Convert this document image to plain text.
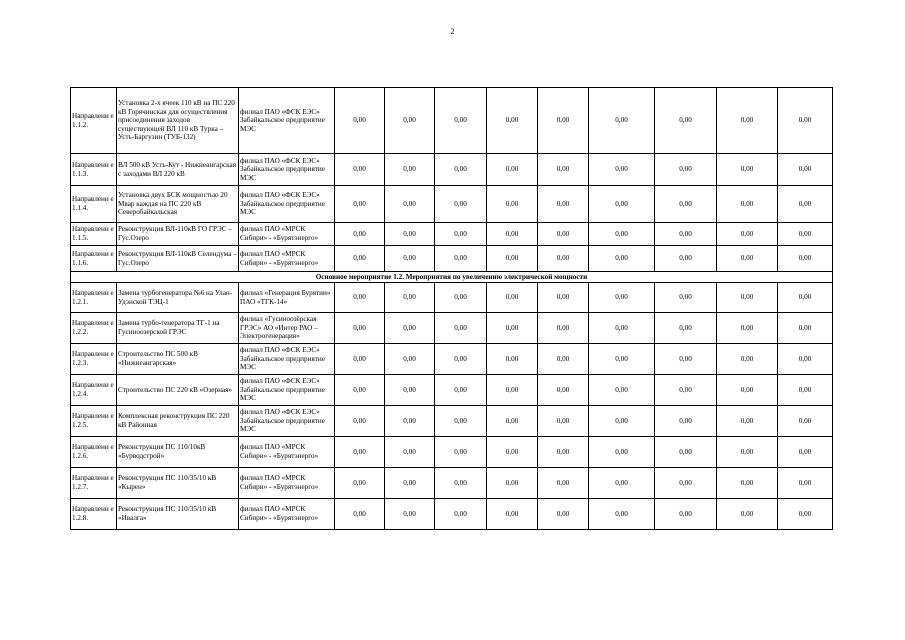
2
Направлени е 1.1.2.	Установка 2-х ячеек 110 кВ на ПС 220 кВ Горячинская для осуществления присоединения заходов существующей ВЛ 110 кВ Турка – Усть-Баргузин (ТУБ-132)	филиал ПАО «ФСК ЕЭС» Забайкальское предприятие МЭС	0,00	0,00	0,00	0,00	0,00	0,00	0,00	0,00	0,00
Направлени е 1.1.3.	ВЛ 500 кВ Усть-Кут - Нижнеангарская с заходами ВЛ 220 кВ	филиал ПАО «ФСК ЕЭС» Забайкальское предприятие МЭС	0,00	0,00	0,00	0,00	0,00	0,00	0,00	0,00	0,00
Направлени е 1.1.4.	Установка двух БСК мощностью 20 Мвар каждая на ПС 220 кВ Северобайкальская	филиал ПАО «ФСК ЕЭС» Забайкальское предприятие МЭС	0,00	0,00	0,00	0,00	0,00	0,00	0,00	0,00	0,00
Направлени е 1.1.5.	Реконструкция ВЛ-110кВ ГО ГРЭС – Гус.Озеро	филиал ПАО «МРСК Сибири» - «Бурятэнерго»	0,00	0,00	0,00	0,00	0,00	0,00	0,00	0,00	0,00
Направлени е 1.1.6.	Реконструкция ВЛ-110кВ Селендума – Гус.Озеро	филиал ПАО «МРСК Сибири» - «Бурятэнерго»	0,00	0,00	0,00	0,00	0,00	0,00	0,00	0,00	0,00
Основное мероприятие 1.2. Мероприятия по увеличению электрической мощности											
Направлени е 1.2.1.	Замена турбогенератора №6 на Улан-Удэнской ТЭЦ-1	филиал «Генерация Бурятии» ПАО «ТГК-14»	0,00	0,00	0,00	0,00	0,00	0,00	0,00	0,00	0,00
Направлени е 1.2.2.	Замена турбо-генератора ТГ-1 на Гусиноозерской ГРЭС	филиал «Гусиноозёрская ГРЭС» АО «Интер РАО – Электрогенерация»	0,00	0,00	0,00	0,00	0,00	0,00	0,00	0,00	0,00
Направлени е 1.2.3.	Строительство ПС 500 кВ «Нижнеангарская»	филиал ПАО «ФСК ЕЭС» Забайкальское предприятие МЭС	0,00	0,00	0,00	0,00	0,00	0,00	0,00	0,00	0,00
Направлени е 1.2.4.	Строительство ПС 220 кВ «Озерная»	филиал ПАО «ФСК ЕЭС» Забайкальское предприятие МЭС	0,00	0,00	0,00	0,00	0,00	0,00	0,00	0,00	0,00
Направлени е 1.2.5.	Комплексная реконструкция ПС 220 кВ Районная	филиал ПАО «ФСК ЕЭС» Забайкальское предприятие МЭС	0,00	0,00	0,00	0,00	0,00	0,00	0,00	0,00	0,00
Направлени е 1.2.6.	Реконструкция ПС 110/10кВ «Бурводстрой»	филиал ПАО «МРСК Сибири» - «Бурятэнерго»	0,00	0,00	0,00	0,00	0,00	0,00	0,00	0,00	0,00
Направлени е 1.2.7.	Реконструкция ПС 110/35/10 кВ «Кырен»	филиал ПАО «МРСК Сибири» - «Бурятэнерго»	0,00	0,00	0,00	0,00	0,00	0,00	0,00	0,00	0,00
Направлени е 1.2.8.	Реконструкция ПС 110/35/10 кВ «Ивалга»	филиал ПАО «МРСК Сибири» - «Бурятэнерго»	0,00	0,00	0,00	0,00	0,00	0,00	0,00	0,00	0,00
